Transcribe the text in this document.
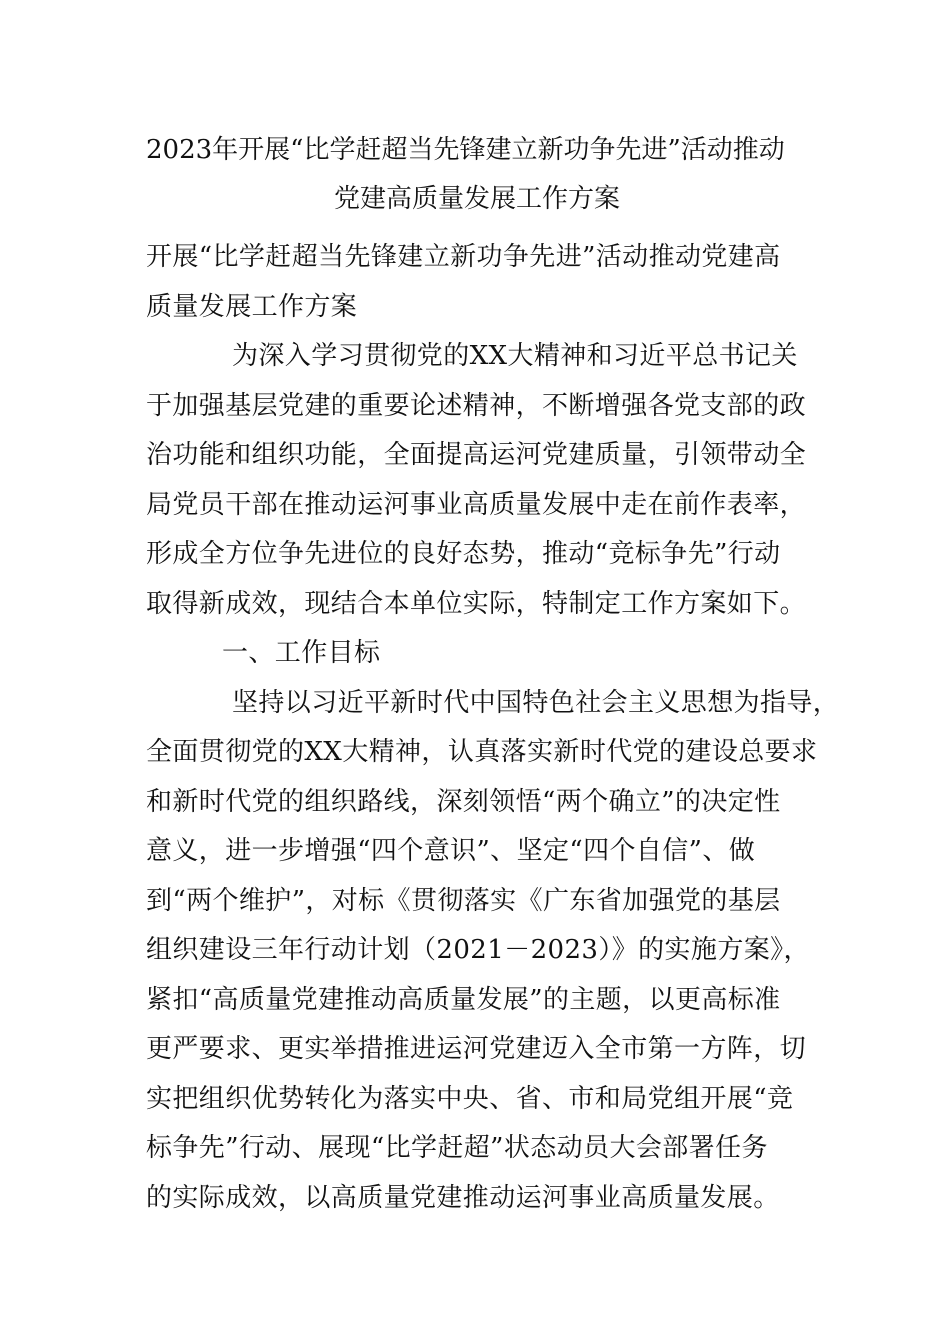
2023年开展“比学赶超当先锋建立新功争先进”活动推动
党建高质量发展工作方案
开展“比学赶超当先锋建立新功争先进”活动推动党建高
质量发展工作方案
为深入学习贯彻党的XX大精神和习近平总书记关
于加强基层党建的重要论述精神，不断增强各党支部的政
治功能和组织功能，全面提高运河党建质量，引领带动全
局党员干部在推动运河事业高质量发展中走在前作表率，
形成全方位争先进位的良好态势，推动“竞标争先”行动
取得新成效，现结合本单位实际，特制定工作方案如下。
一、工作目标
坚持以习近平新时代中国特色社会主义思想为指导，
全面贯彻党的XX大精神，认真落实新时代党的建设总要求
和新时代党的组织路线，深刻领悟“两个确立”的决定性
意义，进一步增强“四个意识”、坚定“四个自信”、做
到“两个维护”，对标《贯彻落实《广东省加强党的基层
组织建设三年行动计划（2021－2023）》的实施方案》，
紧扣“高质量党建推动高质量发展”的主题，以更高标准
更严要求、更实举措推进运河党建迈入全市第一方阵，切
实把组织优势转化为落实中央、省、市和局党组开展“竞
标争先”行动、展现“比学赶超”状态动员大会部署任务
的实际成效，以高质量党建推动运河事业高质量发展。
